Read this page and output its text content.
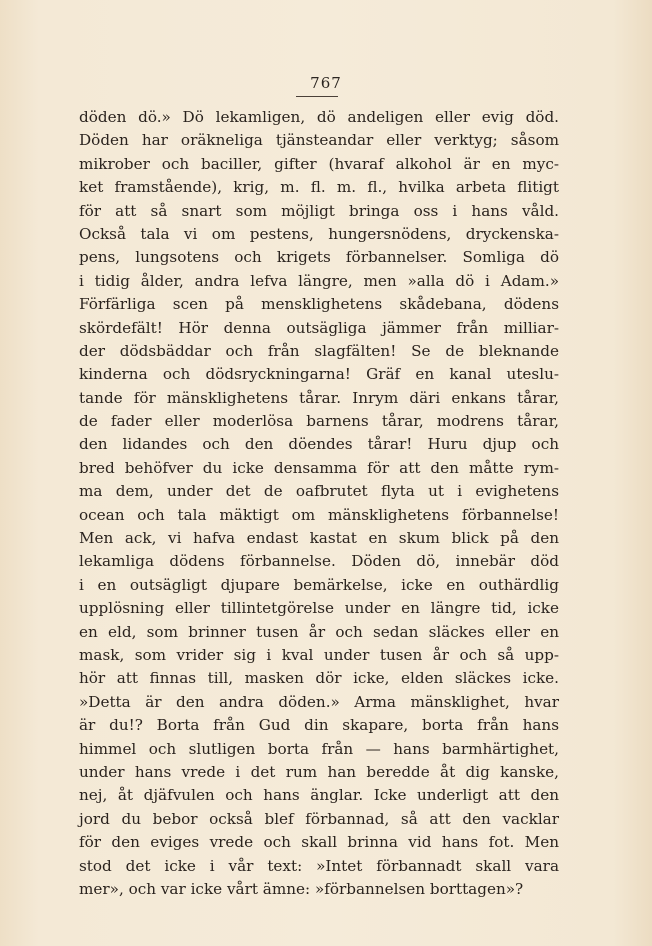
767
döden dö.» Dö lekamligen, dö andeligen eller evig död.
Döden har oräkneliga tjänsteandar eller verktyg; såsom
mikrober och baciller, gifter (hvaraf alkohol är en myc-
ket framstående), krig, m. fl. m. fl., hvilka arbeta flitigt
för att så snart som möjligt bringa oss i hans våld.
Också tala vi om pestens, hungersnödens, dryckenska-
pens, lungsotens och krigets förbannelser. Somliga dö
i tidig ålder, andra lefva längre, men »alla dö i Adam.»
Förfärliga scen på mensklighetens skådebana, dödens
skördefält! Hör denna outsägliga jämmer från milliar-
der dödsbäddar och från slagfälten! Se de bleknande
kinderna och dödsryckningarna! Gräf en kanal uteslu-
tande för mänsklighetens tårar. Inrym däri enkans tårar,
de fader eller moderlösa barnens tårar, modrens tårar,
den lidandes och den döendes tårar! Huru djup och
bred behöfver du icke densamma för att den måtte rym-
ma dem, under det de oafbrutet flyta ut i evighetens
ocean och tala mäktigt om mänsklighetens förbannelse!
Men ack, vi hafva endast kastat en skum blick på den
lekamliga dödens förbannelse. Döden dö, innebär död
i en outsägligt djupare bemärkelse, icke en outhärdlig
upplösning eller tillintetgörelse under en längre tid, icke
en eld, som brinner tusen år och sedan släckes eller en
mask, som vrider sig i kval under tusen år och så upp-
hör att finnas till, masken dör icke, elden släckes icke.
»Detta är den andra döden.» Arma mänsklighet, hvar
är du!? Borta från Gud din skapare, borta från hans
himmel och slutligen borta från — hans barmhärtighet,
under hans vrede i det rum han beredde åt dig kanske,
nej, åt djäfvulen och hans änglar. Icke underligt att den
jord du bebor också blef förbannad, så att den vacklar
för den eviges vrede och skall brinna vid hans fot. Men
stod det icke i vår text: »Intet förbannadt skall vara
mer», och var icke vårt ämne: »förbannelsen borttagen»?
